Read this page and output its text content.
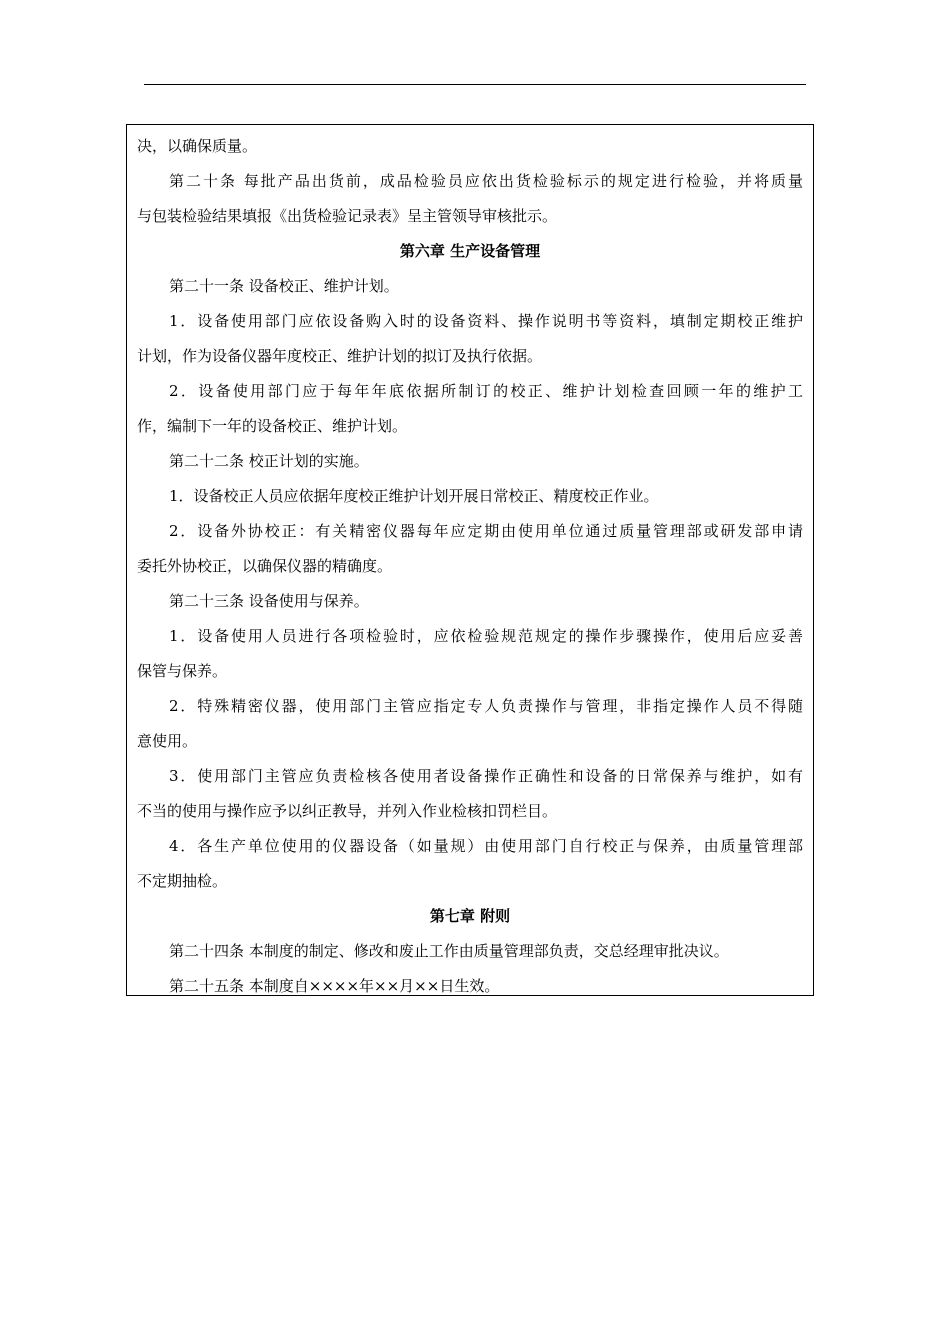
决，以确保质量。
第二十条 每批产品出货前，成品检验员应依出货检验标示的规定进行检验，并将质量
与包装检验结果填报《出货检验记录表》呈主管领导审核批示。
第六章 生产设备管理
第二十一条 设备校正、维护计划。
1．设备使用部门应依设备购入时的设备资料、操作说明书等资料，填制定期校正维护
计划，作为设备仪器年度校正、维护计划的拟订及执行依据。
2．设备使用部门应于每年年底依据所制订的校正、维护计划检查回顾一年的维护工
作，编制下一年的设备校正、维护计划。
第二十二条 校正计划的实施。
1．设备校正人员应依据年度校正维护计划开展日常校正、精度校正作业。
2．设备外协校正：有关精密仪器每年应定期由使用单位通过质量管理部或研发部申请
委托外协校正，以确保仪器的精确度。
第二十三条 设备使用与保养。
1．设备使用人员进行各项检验时，应依检验规范规定的操作步骤操作，使用后应妥善
保管与保养。
2．特殊精密仪器，使用部门主管应指定专人负责操作与管理，非指定操作人员不得随
意使用。
3．使用部门主管应负责检核各使用者设备操作正确性和设备的日常保养与维护，如有
不当的使用与操作应予以纠正教导，并列入作业检核扣罚栏目。
4．各生产单位使用的仪器设备（如量规）由使用部门自行校正与保养，由质量管理部
不定期抽检。
第七章 附则
第二十四条 本制度的制定、修改和废止工作由质量管理部负责，交总经理审批决议。
第二十五条 本制度自××××年××月××日生效。
